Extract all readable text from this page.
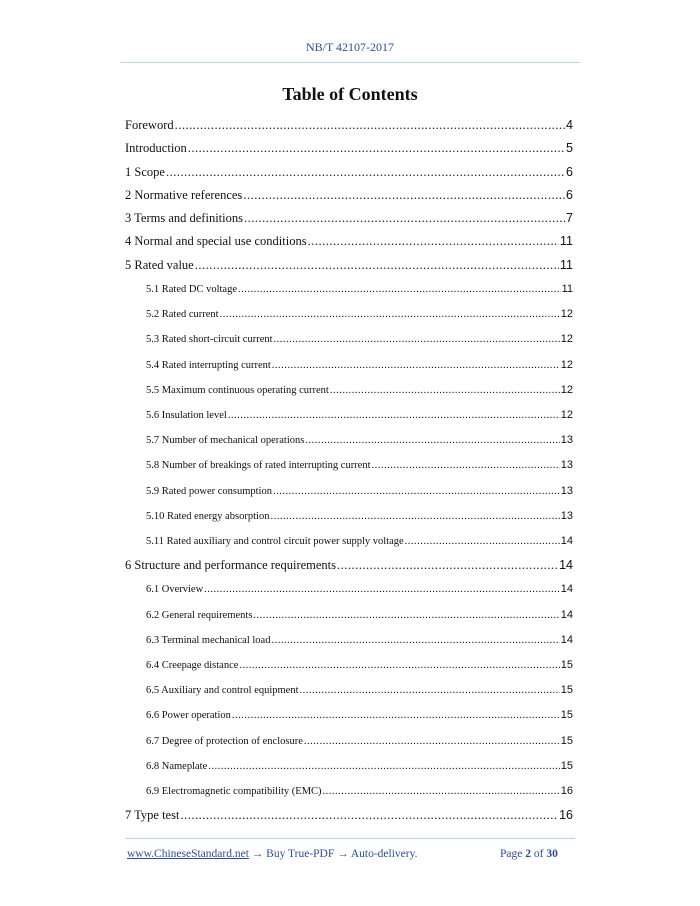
NB/T 42107-2017
Table of Contents
Foreword .....	4
Introduction .....	5
1 Scope .....	6
2 Normative references .....	6
3 Terms and definitions .....	7
4 Normal and special use conditions .....	11
5 Rated value .....	11
5.1 Rated DC voltage .....	11
5.2 Rated current .....	12
5.3 Rated short-circuit current .....	12
5.4 Rated interrupting current .....	12
5.5 Maximum continuous operating current .....	12
5.6 Insulation level .....	12
5.7 Number of mechanical operations .....	13
5.8 Number of breakings of rated interrupting current .....	13
5.9 Rated power consumption .....	13
5.10 Rated energy absorption .....	13
5.11 Rated auxiliary and control circuit power supply voltage .....	14
6 Structure and performance requirements .....	14
6.1 Overview .....	14
6.2 General requirements .....	14
6.3 Terminal mechanical load .....	14
6.4 Creepage distance .....	15
6.5 Auxiliary and control equipment .....	15
6.6 Power operation .....	15
6.7 Degree of protection of enclosure .....	15
6.8 Nameplate .....	15
6.9 Electromagnetic compatibility (EMC) .....	16
7 Type test .....	16
www.ChineseStandard.net → Buy True-PDF → Auto-delivery.	Page 2 of 30
